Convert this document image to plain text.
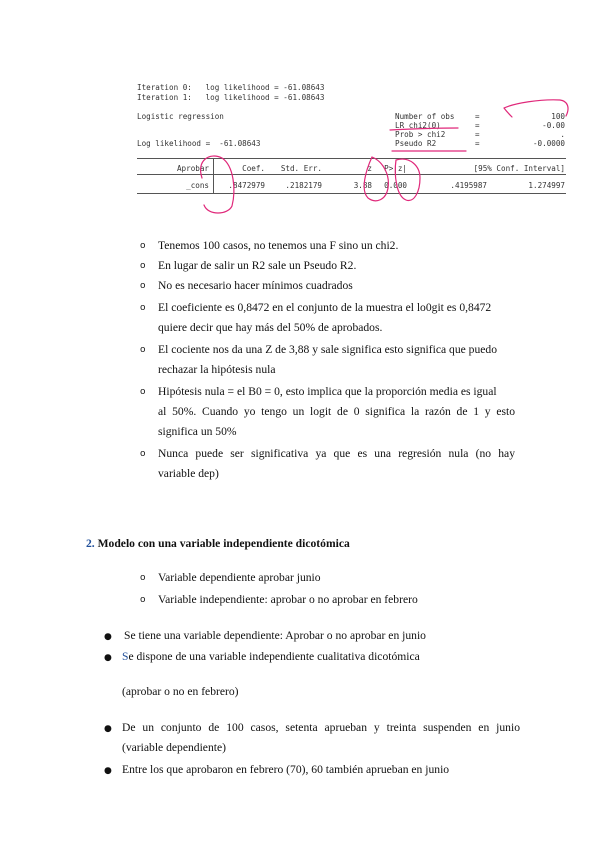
Iteration 0:   log likelihood = -61.08643
Iteration 1:   log likelihood = -61.08643
Logistic regression	Number of obs	=	100
LR chi2(0)	=	-0.00
Prob > chi2	=	.
Log likelihood =  -61.08643	Pseudo R2	=	-0.0000
Aprobar	Coef.	Std. Err.	z	P>|z|	[95% Conf. Interval]
_cons	.8472979	.2182179	3.88	0.000	.4195987	1.274997
o Tenemos 100 casos, no tenemos una F sino un chi2.
o En lugar de salir un R2 sale un Pseudo R2.
o No es necesario hacer mínimos cuadrados
o El coeficiente es 0,8472 en el conjunto de la muestra el lo0git es 0,8472
quiere decir que hay más del 50% de aprobados.
o El cociente nos da una Z de 3,88 y sale significa esto significa que puedo
rechazar la hipótesis nula
o Hipótesis nula = el B0 = 0, esto implica que la proporción media es igual
al 50%. Cuando yo tengo un logit de 0 significa la razón de 1 y esto
significa un 50%
o Nunca puede ser significativa ya que es una regresión nula (no hay
variable dep)
2. Modelo con una variable independiente dicotómica
o Variable dependiente aprobar junio
o Variable independiente: aprobar o no aprobar en febrero
● Se tiene una variable dependiente: Aprobar o no aprobar en junio
● Se dispone de una variable independiente cualitativa dicotómica
(aprobar o no en febrero)
● De un conjunto de 100 casos, setenta aprueban y treinta suspenden en junio
(variable dependiente)
● Entre los que aprobaron en febrero (70), 60 también aprueban en junio
